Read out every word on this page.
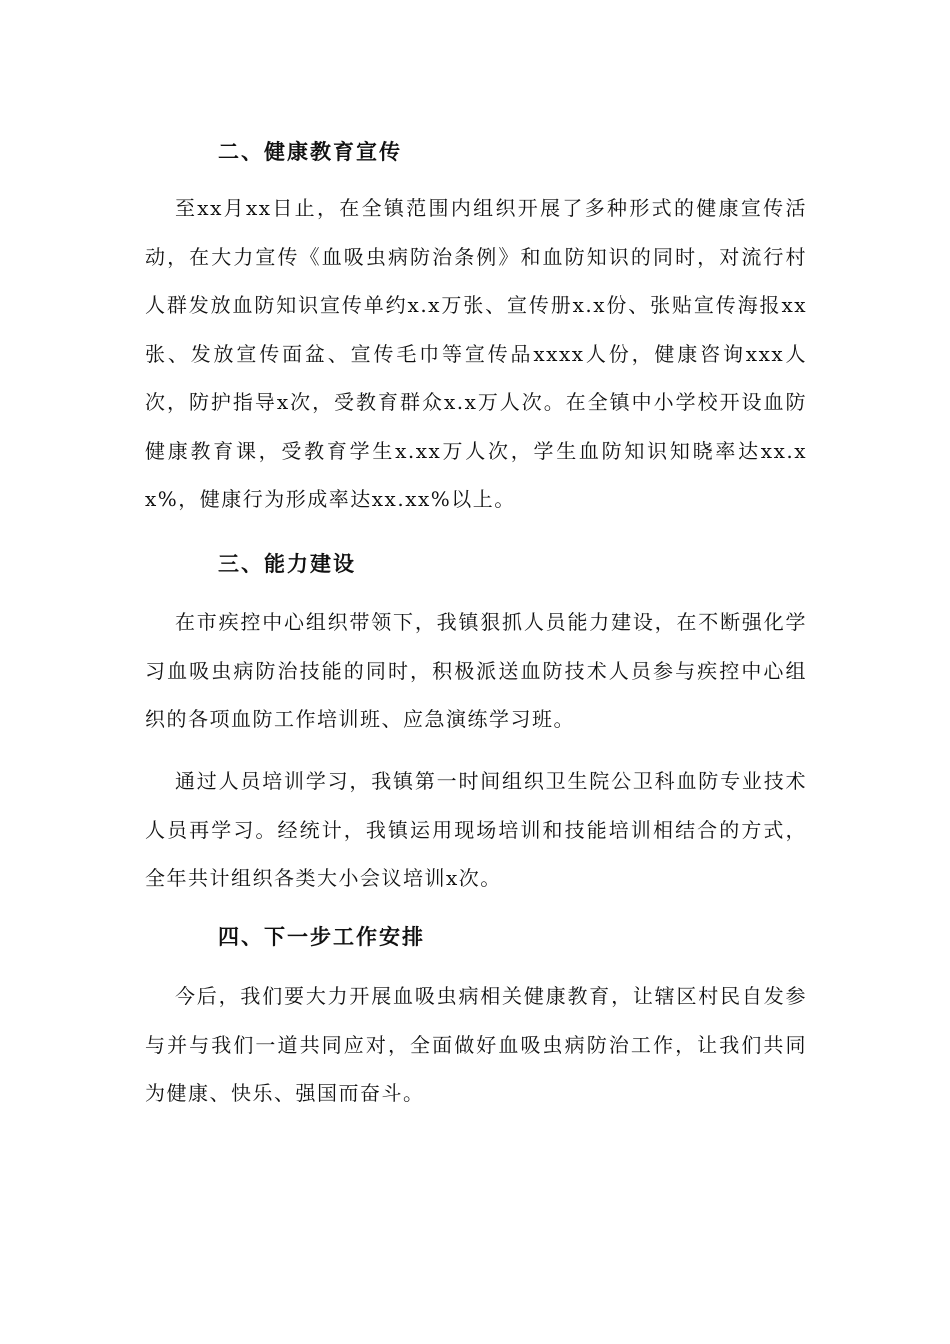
二、健康教育宣传
至xx月xx日止，在全镇范围内组织开展了多种形式的健康宣传活动，在大力宣传《血吸虫病防治条例》和血防知识的同时，对流行村人群发放血防知识宣传单约x.x万张、宣传册x.x份、张贴宣传海报xx张、发放宣传面盆、宣传毛巾等宣传品xxxx人份，健康咨询xxx人次，防护指导x次，受教育群众x.x万人次。在全镇中小学校开设血防健康教育课，受教育学生x.xx万人次，学生血防知识知晓率达xx.xx%，健康行为形成率达xx.xx%以上。
三、能力建设
在市疾控中心组织带领下，我镇狠抓人员能力建设，在不断强化学习血吸虫病防治技能的同时，积极派送血防技术人员参与疾控中心组织的各项血防工作培训班、应急演练学习班。
通过人员培训学习，我镇第一时间组织卫生院公卫科血防专业技术人员再学习。经统计，我镇运用现场培训和技能培训相结合的方式，全年共计组织各类大小会议培训x次。
四、下一步工作安排
今后，我们要大力开展血吸虫病相关健康教育，让辖区村民自发参与并与我们一道共同应对，全面做好血吸虫病防治工作，让我们共同为健康、快乐、强国而奋斗。
